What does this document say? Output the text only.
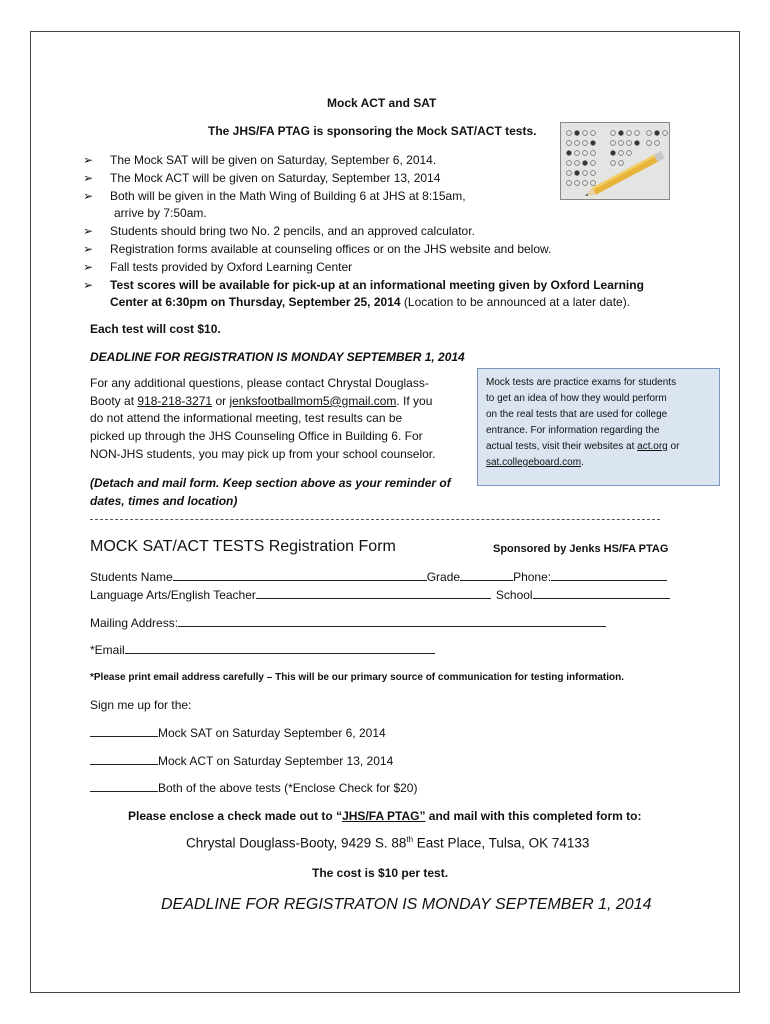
Mock ACT and SAT
The JHS/FA PTAG is sponsoring the Mock SAT/ACT tests.
➢ The Mock SAT will be given on Saturday, September 6, 2014.
➢ The Mock ACT will be given on Saturday, September 13, 2014
➢ Both will be given in the Math Wing of Building 6 at JHS at 8:15am,
arrive by 7:50am.
➢ Students should bring two No. 2 pencils, and an approved calculator.
➢ Registration forms available at counseling offices or on the JHS website and below.
➢ Fall tests provided by Oxford Learning Center
➢ Test scores will be available for pick-up at an informational meeting given by Oxford Learning
Center at 6:30pm on Thursday, September 25, 2014 (Location to be announced at a later date).
Each test will cost $10.
DEADLINE FOR REGISTRATION IS MONDAY SEPTEMBER 1, 2014
For any additional questions, please contact Chrystal Douglass-
Booty at 918-218-3271 or jenksfootballmom5@gmail.com. If you
do not attend the informational meeting, test results can be
picked up through the JHS Counseling Office in Building 6. For
NON-JHS students, you may pick up from your school counselor.
(Detach and mail form. Keep section above as your reminder of
dates, times and location)
Mock tests are practice exams for students
to get an idea of how they would perform
on the real tests that are used for college
entrance. For information regarding the
actual tests, visit their websites at act.org or
sat.collegeboard.com.
MOCK SAT/ACT TESTS Registration Form	Sponsored by Jenks HS/FA PTAG
Students Name	Grade	Phone:
Language Arts/English Teacher	School
Mailing Address:
*Email
*Please print email address carefully – This will be our primary source of communication for testing information.
Sign me up for the:
Mock SAT on Saturday September 6, 2014
Mock ACT on Saturday September 13, 2014
Both of the above tests (*Enclose Check for $20)
Please enclose a check made out to “JHS/FA PTAG” and mail with this completed form to:
Chrystal Douglass-Booty, 9429 S. 88th East Place, Tulsa, OK 74133
The cost is $10 per test.
DEADLINE FOR REGISTRATON IS MONDAY SEPTEMBER 1, 2014
